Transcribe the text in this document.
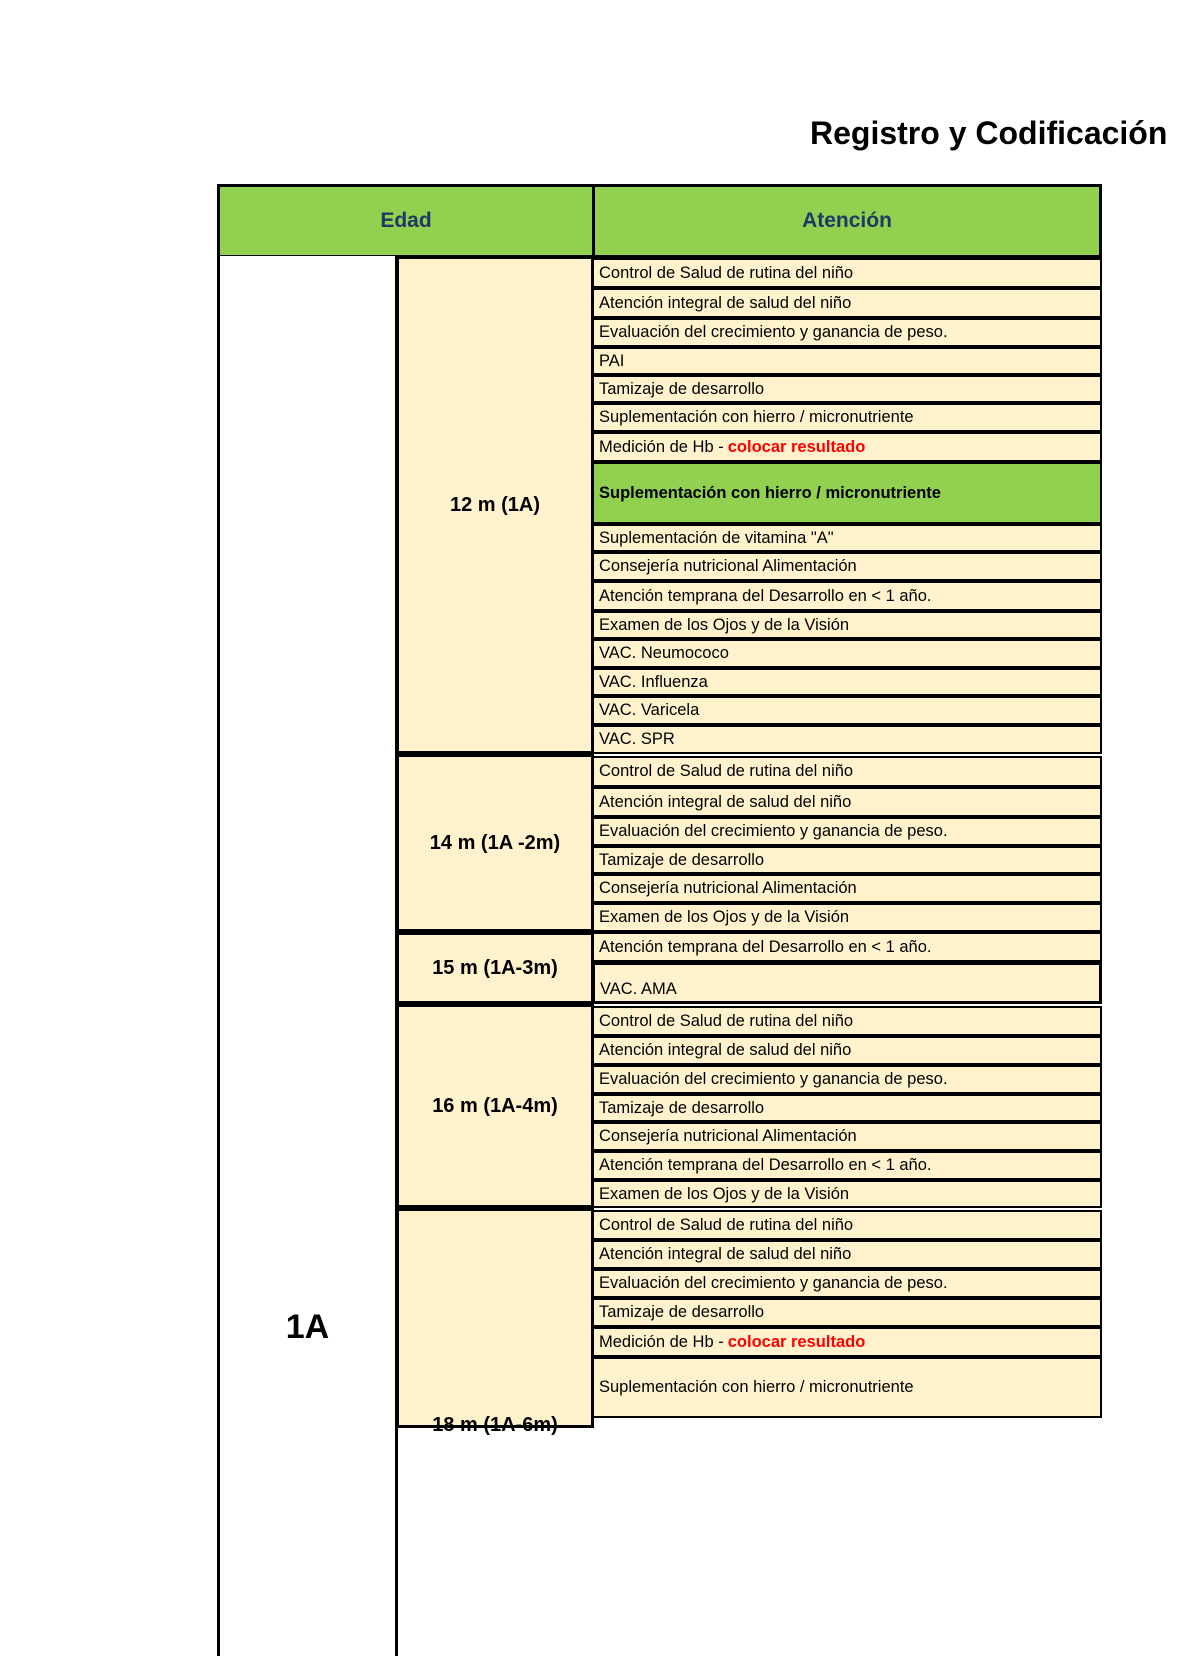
Registro y Codificación
Edad	Atención
1A
12 m (1A)
Control de Salud de rutina del niño
Atención integral de salud del niño
Evaluación del crecimiento y ganancia de peso.
PAI
Tamizaje de desarrollo
Suplementación con hierro / micronutriente
Medición de Hb - colocar resultado
Suplementación con hierro / micronutriente
Suplementación de vitamina "A"
Consejería nutricional Alimentación
Atención temprana del Desarrollo en < 1 año.
Examen de los Ojos y de la Visión
VAC. Neumococo
VAC. Influenza
VAC. Varicela
VAC. SPR
14 m (1A -2m)
Control de Salud de rutina del niño
Atención integral de salud del niño
Evaluación del crecimiento y ganancia de peso.
Tamizaje de desarrollo
Consejería nutricional Alimentación
Examen de los Ojos y de la Visión
15 m (1A-3m)
Atención temprana del Desarrollo en < 1 año.
VAC. AMA
16 m (1A-4m)
Control de Salud de rutina del niño
Atención integral de salud del niño
Evaluación del crecimiento y ganancia de peso.
Tamizaje de desarrollo
Consejería nutricional Alimentación
Atención temprana del Desarrollo en < 1 año.
Examen de los Ojos y de la Visión
18 m (1A-6m)
Control de Salud de rutina del niño
Atención integral de salud del niño
Evaluación del crecimiento y ganancia de peso.
Tamizaje de desarrollo
Medición de Hb - colocar resultado
Suplementación con hierro / micronutriente
